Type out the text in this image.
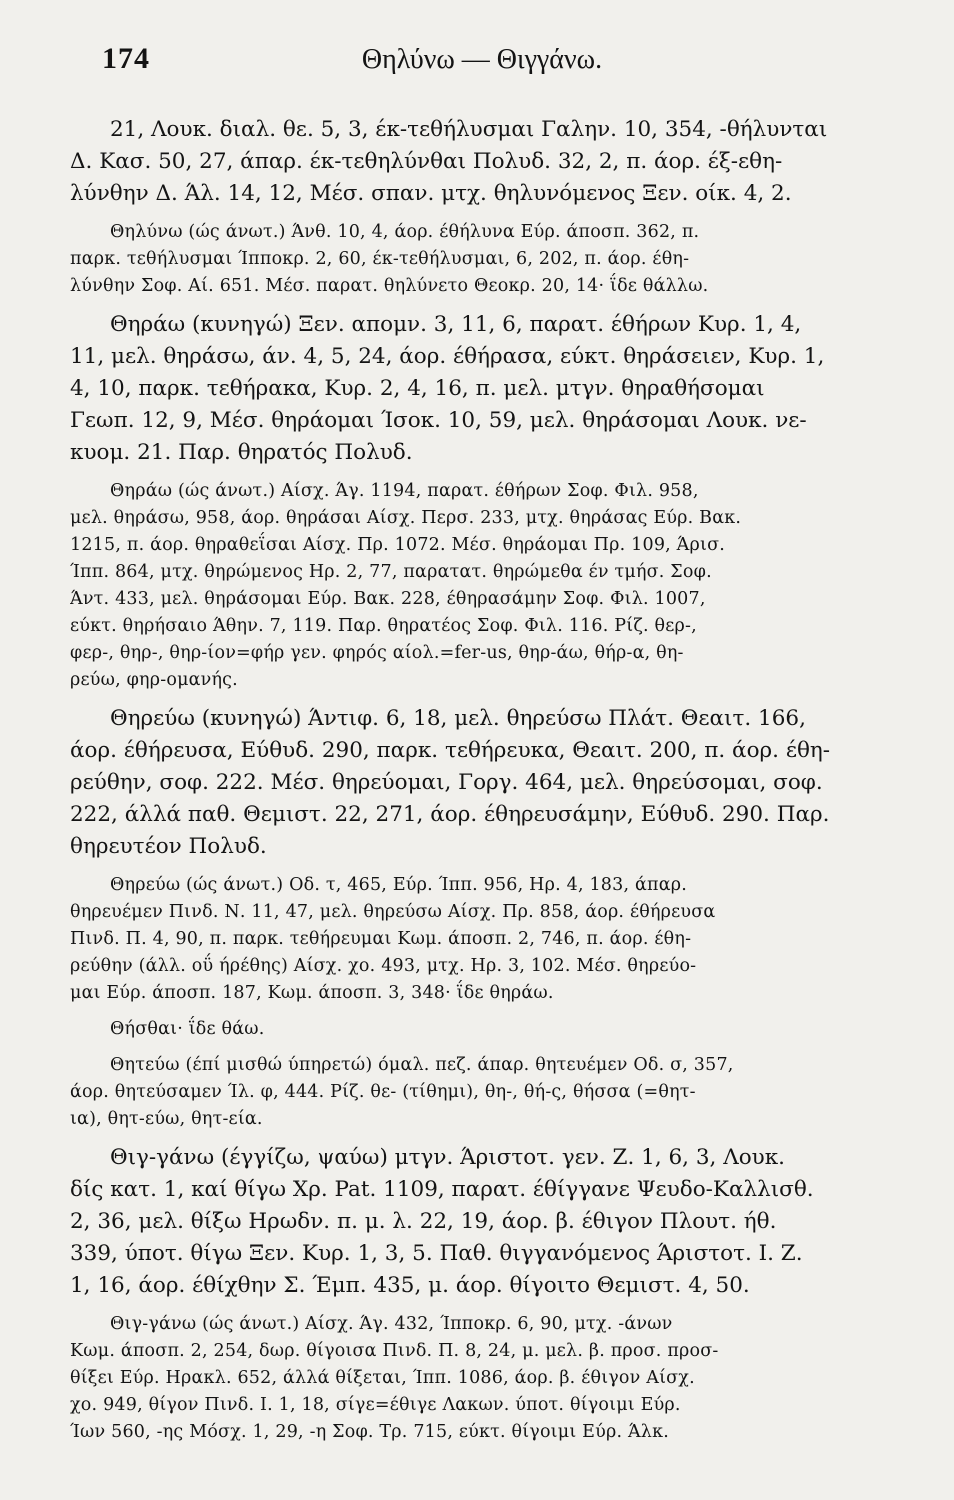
174	Θηλύνω — Θιγγάνω.
21, Λουκ. διαλ. θε. 5, 3, έκ-τεθήλυσμαι Γαλην. 10, 354, -θήλυνται
Δ. Κασ. 50, 27, άπαρ. έκ-τεθηλύνθαι Πολυδ. 32, 2, π. άορ. έξ-εθη-
λύνθην Δ. Άλ. 14, 12, Μέσ. σπαν. μτχ. θηλυνόμενος Ξεν. οίκ. 4, 2.
Θηλύνω (ώς άνωτ.) Άνθ. 10, 4, άορ. έθήλυνα Εύρ. άποσπ. 362, π.
παρκ. τεθήλυσμαι Ίπποκρ. 2, 60, έκ-τεθήλυσμαι, 6, 202, π. άορ. έθη-
λύνθην Σοφ. Αί. 651. Μέσ. παρατ. θηλύνετο Θεοκρ. 20, 14· ΐδε θάλλω.
Θηράω (κυνηγώ) Ξεν. απομν. 3, 11, 6, παρατ. έθήρων Κυρ. 1, 4,
11, μελ. θηράσω, άν. 4, 5, 24, άορ. έθήρασα, εύκτ. θηράσειεν, Κυρ. 1,
4, 10, παρκ. τεθήρακα, Κυρ. 2, 4, 16, π. μελ. μτγν. θηραθήσομαι
Γεωπ. 12, 9, Μέσ. θηράομαι Ίσοκ. 10, 59, μελ. θηράσομαι Λουκ. νε-
κυομ. 21. Παρ. θηρατός Πολυδ.
Θηράω (ώς άνωτ.) Αίσχ. Άγ. 1194, παρατ. έθήρων Σοφ. Φιλ. 958,
μελ. θηράσω, 958, άορ. θηράσαι Αίσχ. Περσ. 233, μτχ. θηράσας Εύρ. Βακ.
1215, π. άορ. θηραθεΐσαι Αίσχ. Πρ. 1072. Μέσ. θηράομαι Πρ. 109, Άρισ.
Ίππ. 864, μτχ. θηρώμενος Ηρ. 2, 77, παρατατ. θηρώμεθα έν τμήσ. Σοφ.
Άντ. 433, μελ. θηράσομαι Εύρ. Βακ. 228, έθηρασάμην Σοφ. Φιλ. 1007,
εύκτ. θηρήσαιο Άθην. 7, 119. Παρ. θηρατέος Σοφ. Φιλ. 116. Ρίζ. θερ-,
φερ-, θηρ-, θηρ-ίον=φήρ γεν. φηρός αίολ.=fer-us, θηρ-άω, θήρ-α, θη-
ρεύω, φηρ-ομανής.
Θηρεύω (κυνηγώ) Άντιφ. 6, 18, μελ. θηρεύσω Πλάτ. Θεαιτ. 166,
άορ. έθήρευσα, Εύθυδ. 290, παρκ. τεθήρευκα, Θεαιτ. 200, π. άορ. έθη-
ρεύθην, σοφ. 222. Μέσ. θηρεύομαι, Γοργ. 464, μελ. θηρεύσομαι, σοφ.
222, άλλά παθ. Θεμιστ. 22, 271, άορ. έθηρευσάμην, Εύθυδ. 290. Παρ.
θηρευτέον Πολυδ.
Θηρεύω (ώς άνωτ.) Οδ. τ, 465, Εύρ. Ίππ. 956, Ηρ. 4, 183, άπαρ.
θηρευέμεν Πινδ. Ν. 11, 47, μελ. θηρεύσω Αίσχ. Πρ. 858, άορ. έθήρευσα
Πινδ. Π. 4, 90, π. παρκ. τεθήρευμαι Κωμ. άποσπ. 2, 746, π. άορ. έθη-
ρεύθην (άλλ. οΰ ήρέθης) Αίσχ. χο. 493, μτχ. Ηρ. 3, 102. Μέσ. θηρεύο-
μαι Εύρ. άποσπ. 187, Κωμ. άποσπ. 3, 348· ΐδε θηράω.
Θήσθαι· ΐδε θάω.
Θητεύω (έπί μισθώ ύπηρετώ) όμαλ. πεζ. άπαρ. θητευέμεν Οδ. σ, 357,
άορ. θητεύσαμεν Ίλ. φ, 444. Ρίζ. θε- (τίθημι), θη-, θή-ς, θήσσα (=θητ-
ια), θητ-εύω, θητ-εία.
Θιγ-γάνω (έγγίζω, ψαύω) μτγν. Άριστοτ. γεν. Ζ. 1, 6, 3, Λουκ.
δίς κατ. 1, καί θίγω Χρ. Pat. 1109, παρατ. έθίγγανε Ψευδο-Καλλισθ.
2, 36, μελ. θίξω Ηρωδν. π. μ. λ. 22, 19, άορ. β. έθιγον Πλουτ. ήθ.
339, ύποτ. θίγω Ξεν. Κυρ. 1, 3, 5. Παθ. θιγγανόμενος Άριστοτ. Ι. Ζ.
1, 16, άορ. έθίχθην Σ. Έμπ. 435, μ. άορ. θίγοιτο Θεμιστ. 4, 50.
Θιγ-γάνω (ώς άνωτ.) Αίσχ. Άγ. 432, Ίπποκρ. 6, 90, μτχ. -άνων
Κωμ. άποσπ. 2, 254, δωρ. θίγοισα Πινδ. Π. 8, 24, μ. μελ. β. προσ. προσ-
θίξει Εύρ. Ηρακλ. 652, άλλά θίξεται, Ίππ. 1086, άορ. β. έθιγον Αίσχ.
χο. 949, θίγον Πινδ. Ι. 1, 18, σίγε=έθιγε Λακων. ύποτ. θίγοιμι Εύρ.
Ίων 560, -ης Μόσχ. 1, 29, -η Σοφ. Τρ. 715, εύκτ. θίγοιμι Εύρ. Άλκ.
